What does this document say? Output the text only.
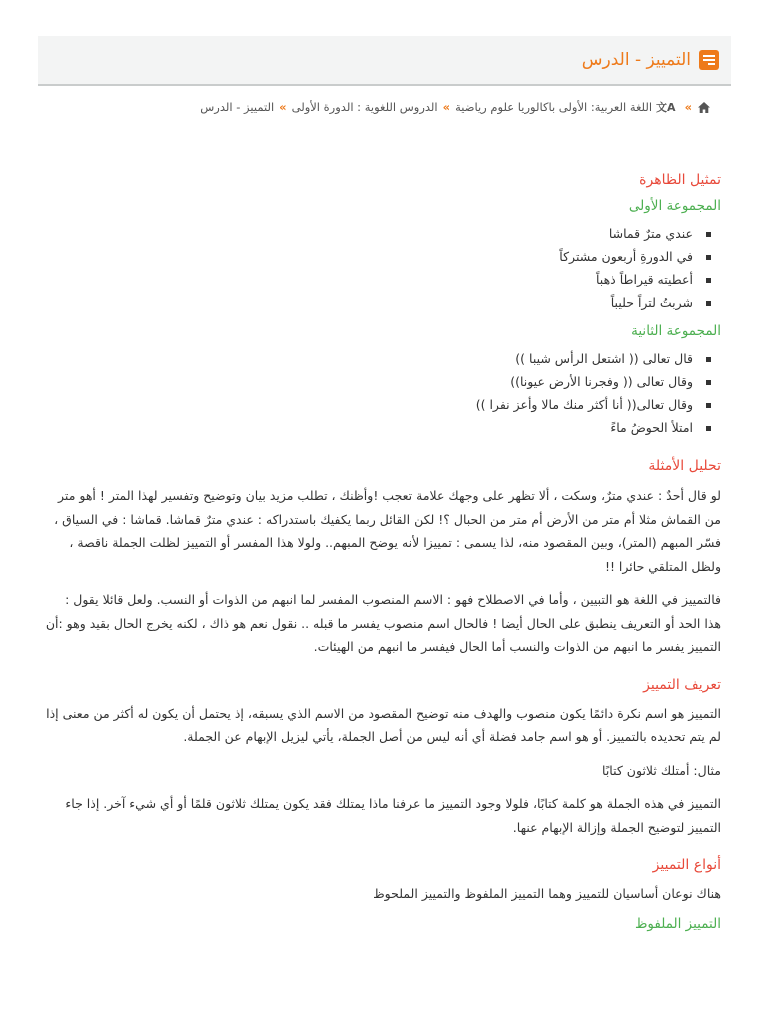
التمييز - الدرس
»
文A
اللغة العربية: الأولى باكالوريا علوم رياضية
»
الدروس اللغوية : الدورة الأولى
»
التمييز - الدرس
تمثيل الظاهرة
المجموعة الأولى
عندي مترٌ قماشا
في الدورةِ أربعون مشتركاً
أعطيته قيراطاً ذهباً
شربتُ لتراً حليباً
المجموعة الثانية
قال تعالى (( اشتعل الرأس شيبا ))
وقال تعالى (( وفجرنا الأرض عيونا))
وقال تعالى(( أنا أكثر منك مالا وأعز نفرا ))
امتلأ الحوضُ ماءً
تحليل الأمثلة

لو قال أحدٌ : عندي مترٌ، وسكت ، ألا تظهر على وجهك علامة تعجب !وأظنك ، تطلب مزيد بيان وتوضيح وتفسير لهذا المتر ! أهو متر من القماش مثلا أم متر من الأرض أم متر من الحبال ؟! لكن القائل ربما يكفيك باستدراكه : عندي مترٌ قماشا. قماشا : في السياق ، فسّر المبهم (المتر)، وبين المقصود منه، لذا يسمى : تمييزا لأنه يوضح المبهم.. ولولا هذا المفسر أو التمييز لظلت الجملة ناقصة ، ولظل المتلقي حائرا !!

فالتمييز في اللغة هو التبيين ، وأما في الاصطلاح فهو : الاسم المنصوب المفسر لما انبهم من الذوات أو النسب. ولعل قائلا يقول : هذا الحد أو التعريف ينطبق على الحال أيضا ! فالحال اسم منصوب يفسر ما قبله .. نقول نعم هو ذاك ، لكنه يخرج الحال بقيد وهو :أن التمييز يفسر ما انبهم من الذوات والنسب أما الحال فيفسر ما انبهم من الهيئات.

تعريف التمييز

التمييز هو اسم نكرة دائمًا يكون منصوب والهدف منه توضيح المقصود من الاسم الذي يسبقه، إذ يحتمل أن يكون له أكثر من معنى إذا لم يتم تحديده بالتمييز. أو هو اسم جامد فضلة أي أنه ليس من أصل الجملة، يأتي ليزيل الإبهام عن الجملة.

مثال: أمتلك ثلاثون كتابًا

التمييز في هذه الجملة هو كلمة كتابًا، فلولا وجود التمييز ما عرفنا ماذا يمتلك فقد يكون يمتلك ثلاثون قلمًا أو أي شيء آخر. إذا جاء التمييز لتوضيح الجملة وإزالة الإبهام عنها.

أنواع التمييز

هناك نوعان أساسيان للتمييز وهما التمييز الملفوظ والتمييز الملحوظ

التمييز الملفوظ
